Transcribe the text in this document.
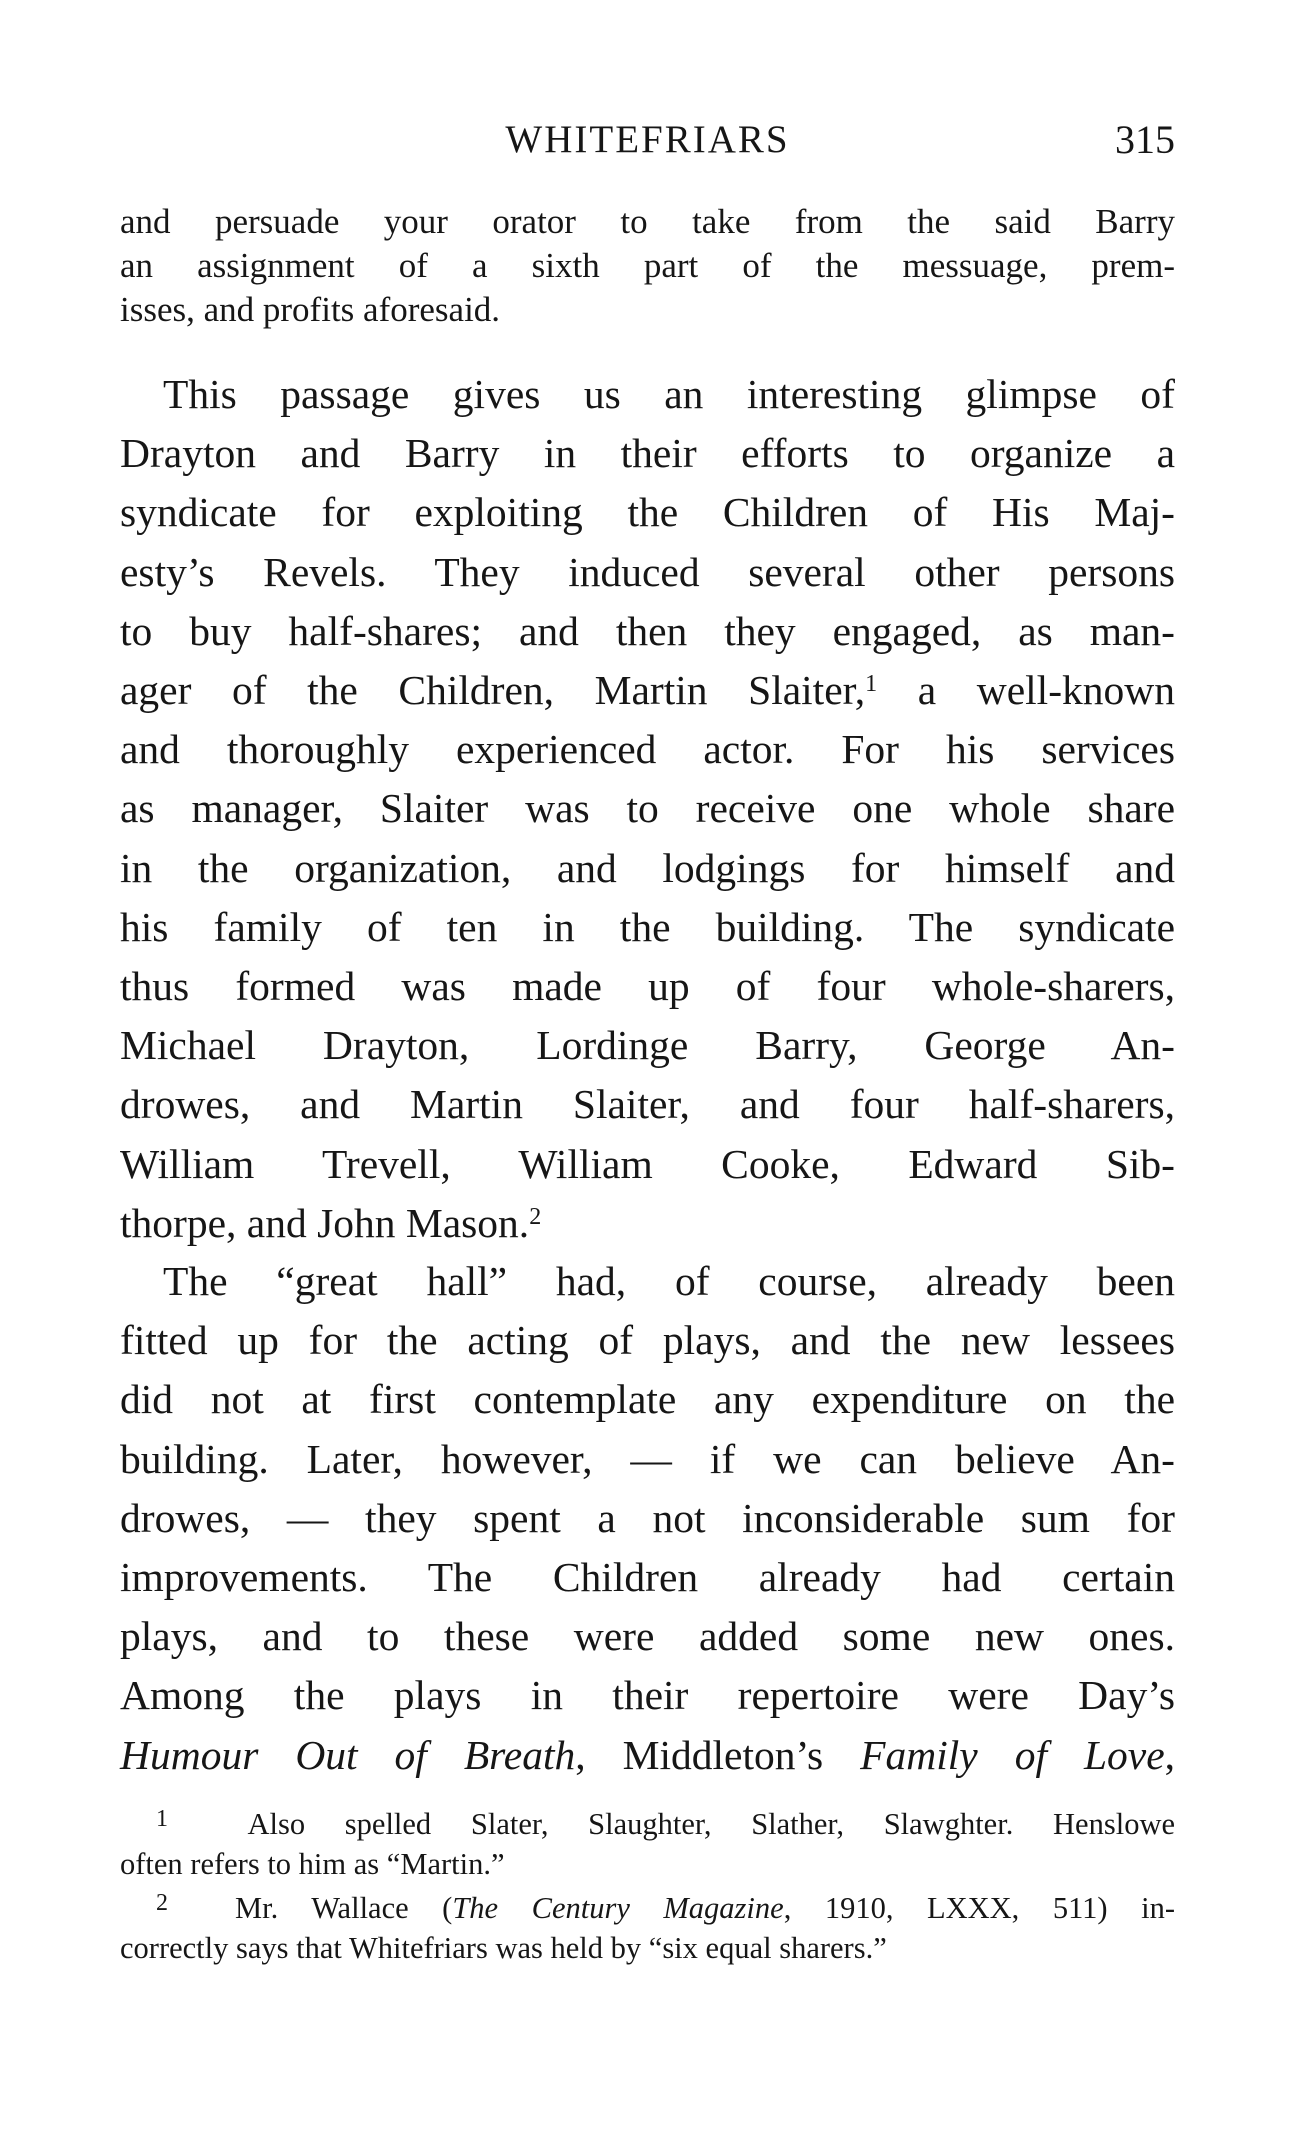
WHITEFRIARS	315
and persuade your orator to take from the said Barry
an assignment of a sixth part of the messuage, prem-
isses, and profits aforesaid.
This passage gives us an interesting glimpse of
Drayton and Barry in their efforts to organize a
syndicate for exploiting the Children of His Maj-
esty’s Revels. They induced several other persons
to buy half-shares; and then they engaged, as man-
ager of the Children, Martin Slaiter,$^1$ a well-known
and thoroughly experienced actor. For his services
as manager, Slaiter was to receive one whole share
in the organization, and lodgings for himself and
his family of ten in the building. The syndicate
thus formed was made up of four whole-sharers,
Michael Drayton, Lordinge Barry, George An-
drowes, and Martin Slaiter, and four half-sharers,
William Trevell, William Cooke, Edward Sib-
thorpe, and John Mason.$^2$
The “great hall” had, of course, already been
fitted up for the acting of plays, and the new lessees
did not at first contemplate any expenditure on the
building. Later, however, — if we can believe An-
drowes, — they spent a not inconsiderable sum for
improvements. The Children already had certain
plays, and to these were added some new ones.
Among the plays in their repertoire were Day’s
Humour Out of Breath, Middleton’s Family of Love,
$^1$	Also spelled Slater, Slaughter, Slather, Slawghter. Henslowe
often refers to him as “Martin.”
$^2$ Mr. Wallace (The Century Magazine, 1910, LXXX, 511) in-
correctly says that Whitefriars was held by “six equal sharers.”
